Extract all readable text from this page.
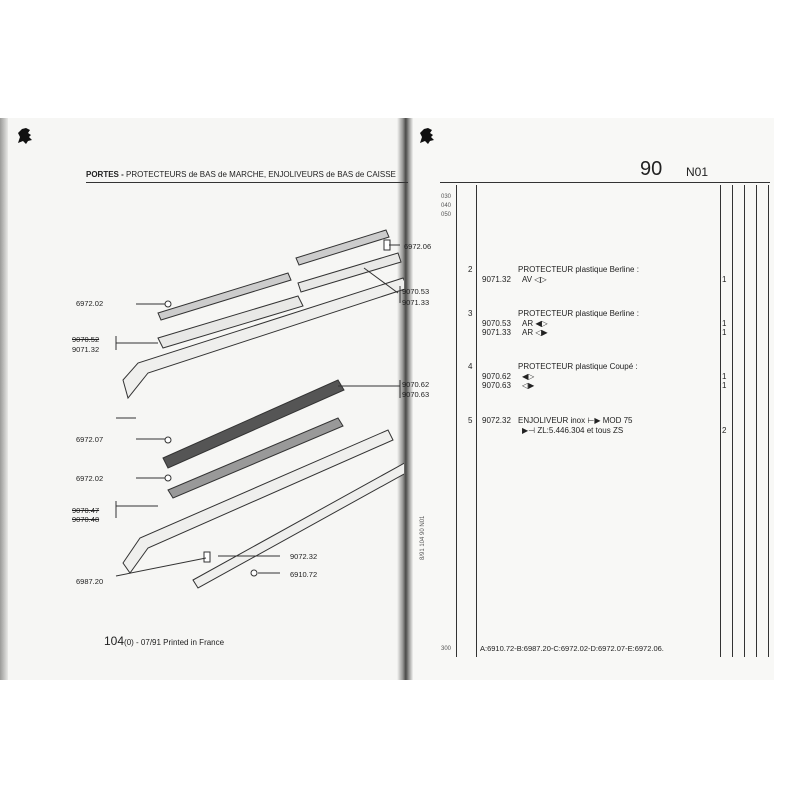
PORTES - PROTECTEURS de BAS de MARCHE, ENJOLIVEURS de BAS de CAISSE
6972.06
6972.02
9070.53
9071.33
9070.52
9071.32
9070.62
9070.63
6972.07
6972.02
9070.47
9070.48
9072.32
6910.72
6987.20
104(0) - 07/91 Printed in France
90 N01
030
040
050
300
8/91 104 90 N01
2	PROTECTEUR plastique Berline :
9071.32 AV ◁▷	1
3	PROTECTEUR plastique Berline :
9070.53 AR ◀▷	1
9071.33 AR ◁▶	1
4	PROTECTEUR plastique Coupé :
9070.62 ◀▷	1
9070.63 ◁▶	1
5 9072.32 ENJOLIVEUR inox ⊢▶ MOD 75
▶⊣ ZL:5.446.304 et tous ZS	2
A:6910.72-B:6987.20-C:6972.02-D:6972.07-E:6972.06.
